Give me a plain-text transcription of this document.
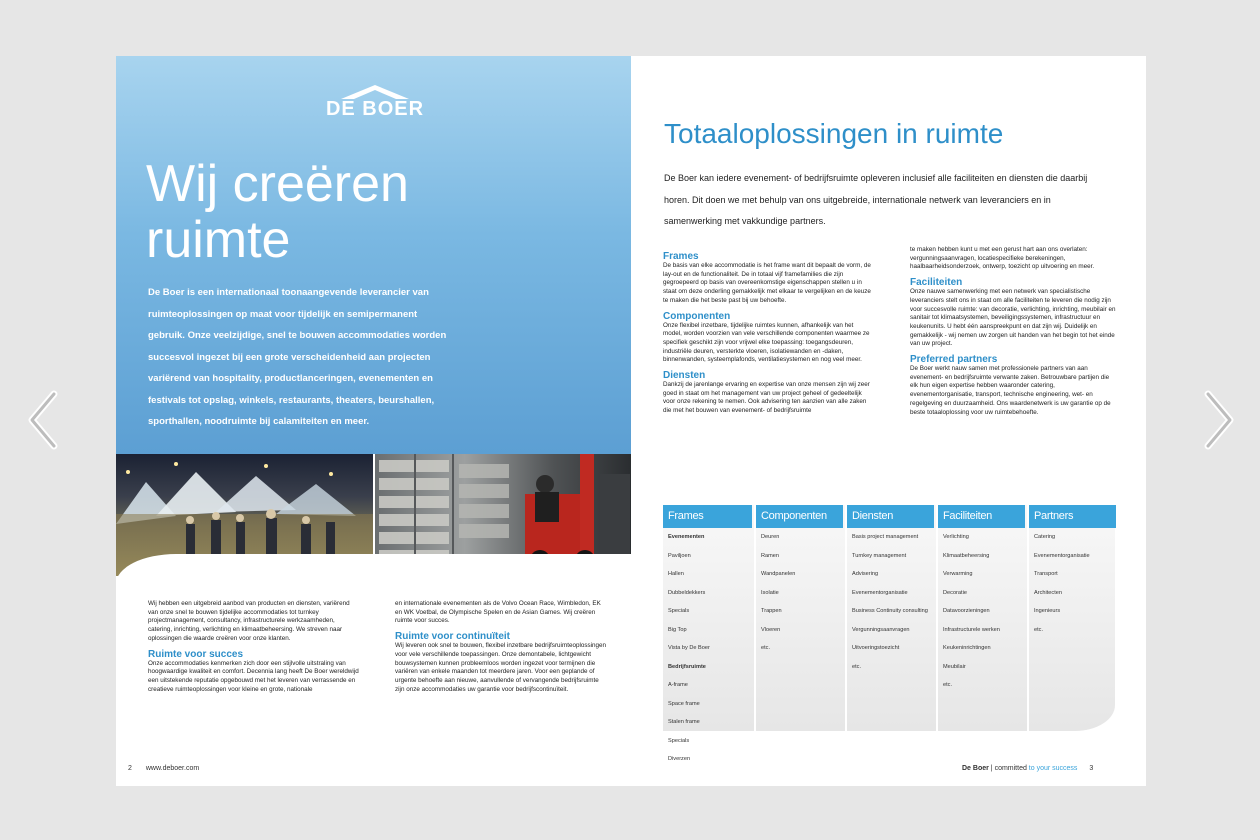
DE BOER
Wij creëren
ruimte

De Boer is een internationaal toonaangevende leverancier van ruimteoplossingen op maat voor tijdelijk en semipermanent gebruik. Onze veelzijdige, snel te bouwen accommodaties worden succesvol ingezet bij een grote verscheidenheid aan projecten variërend van hospitality, productlanceringen, evenementen en festivals tot opslag, winkels, restaurants, theaters, beurshallen, sporthallen, noodruimte bij calamiteiten en meer.

Wij hebben een uitgebreid aanbod van producten en diensten, variërend van onze snel te bouwen tijdelijke accommodaties tot turnkey projectmanagement, consultancy, infrastructurele werkzaamheden, catering, inrichting, verlichting en klimaatbeheersing. We streven naar oplossingen die waarde creëren voor onze klanten.

Ruimte voor succes

Onze accommodaties kenmerken zich door een stijlvolle uitstraling van hoogwaardige kwaliteit en comfort. Decennia lang heeft De Boer wereldwijd een uitstekende reputatie opgebouwd met het leveren van verrassende en creatieve ruimteoplossingen voor kleine en grote, nationale

en internationale evenementen als de Volvo Ocean Race, Wimbledon, EK en WK Voetbal, de Olympische Spelen en de Asian Games. Wij creëren ruimte voor succes.

Ruimte voor continuïteit

Wij leveren ook snel te bouwen, flexibel inzetbare bedrijfsruimteoplossingen voor vele verschillende toepassingen. Onze demontabele, lichtgewicht bouwsystemen kunnen probleemloos worden ingezet voor termijnen die variëren van enkele maanden tot meerdere jaren. Voor een geplande of urgente behoefte aan nieuwe, aanvullende of vervangende bedrijfsruimte zijn onze accommodaties uw garantie voor bedrijfscontinuïteit.

2 www.deboer.com
Totaaloplossingen in ruimte

De Boer kan iedere evenement- of bedrijfsruimte opleveren inclusief alle faciliteiten en diensten die daarbij horen. Dit doen we met behulp van ons uitgebreide, internationale netwerk van leveranciers en in samenwerking met vakkundige partners.

Frames

De basis van elke accommodatie is het frame want dit bepaalt de vorm, de lay-out en de functionaliteit. De in totaal vijf framefamilies die zijn gegroepeerd op basis van overeenkomstige eigenschappen stellen u in staat om deze onderling gemakkelijk met elkaar te vergelijken en de keuze te maken die het beste past bij uw behoefte.

Componenten

Onze flexibel inzetbare, tijdelijke ruimtes kunnen, afhankelijk van het model, worden voorzien van vele verschillende componenten waarmee ze specifiek geschikt zijn voor vrijwel elke toepassing: toegangsdeuren, industriële deuren, versterkte vloeren, isolatiewanden en -daken, binnenwanden, systeemplafonds, ventilatiesystemen en nog veel meer.

Diensten

Dankzij de jarenlange ervaring en expertise van onze mensen zijn wij zeer goed in staat om het management van uw project geheel of gedeeltelijk voor onze rekening te nemen. Ook advisering ten aanzien van alle zaken die met het bouwen van evenement- of bedrijfsruimte

te maken hebben kunt u met een gerust hart aan ons overlaten: vergunningsaanvragen, locatiespecifieke berekeningen, haalbaarheidsonderzoek, ontwerp, toezicht op uitvoering en meer.

Faciliteiten

Onze nauwe samenwerking met een netwerk van specialistische leveranciers stelt ons in staat om alle faciliteiten te leveren die nodig zijn voor succesvolle ruimte: van decoratie, verlichting, inrichting, meubilair en sanitair tot klimaatsystemen, beveiligingssystemen, infrastructuur en keukenunits. U hebt één aanspreekpunt en dat zijn wij. Duidelijk en gemakkelijk - wij nemen uw zorgen uit handen van het begin tot het einde van uw project.

Preferred partners

De Boer werkt nauw samen met professionele partners van aan evenement- en bedrijfsruimte verwante zaken. Betrouwbare partijen die elk hun eigen expertise hebben waaronder catering, evenementorganisatie, transport, technische engineering, wet- en regelgeving en duurzaamheid. Ons waardenetwerk is uw garantie op de beste totaaloplossing voor uw ruimtebehoefte.

Frames
Evenementen
Paviljoen
Hallen
Dubbeldekkers
Specials
Big Top
Vista by De Boer
Bedrijfsruimte
A-frame
Space frame
Stalen frame
Specials
Diverzen
Componenten
Deuren
Ramen
Wandpanelen
Isolatie
Trappen
Vloeren
etc.
Diensten
Basis project management
Turnkey management
Advisering
Evenementorganisatie
Business Continuity consulting
Vergunningsaanvragen
Uitvoeringstoezicht
etc.
Faciliteiten
Verlichting
Klimaatbeheersing
Verwarming
Decoratie
Datavoorzieningen
Infrastructurele werken
Keukeninrichtingen
Meubilair
etc.
Partners
Catering
Evenementorganisatie
Transport
Architecten
Ingenieurs
etc.
De Boer | committed to your success 3
